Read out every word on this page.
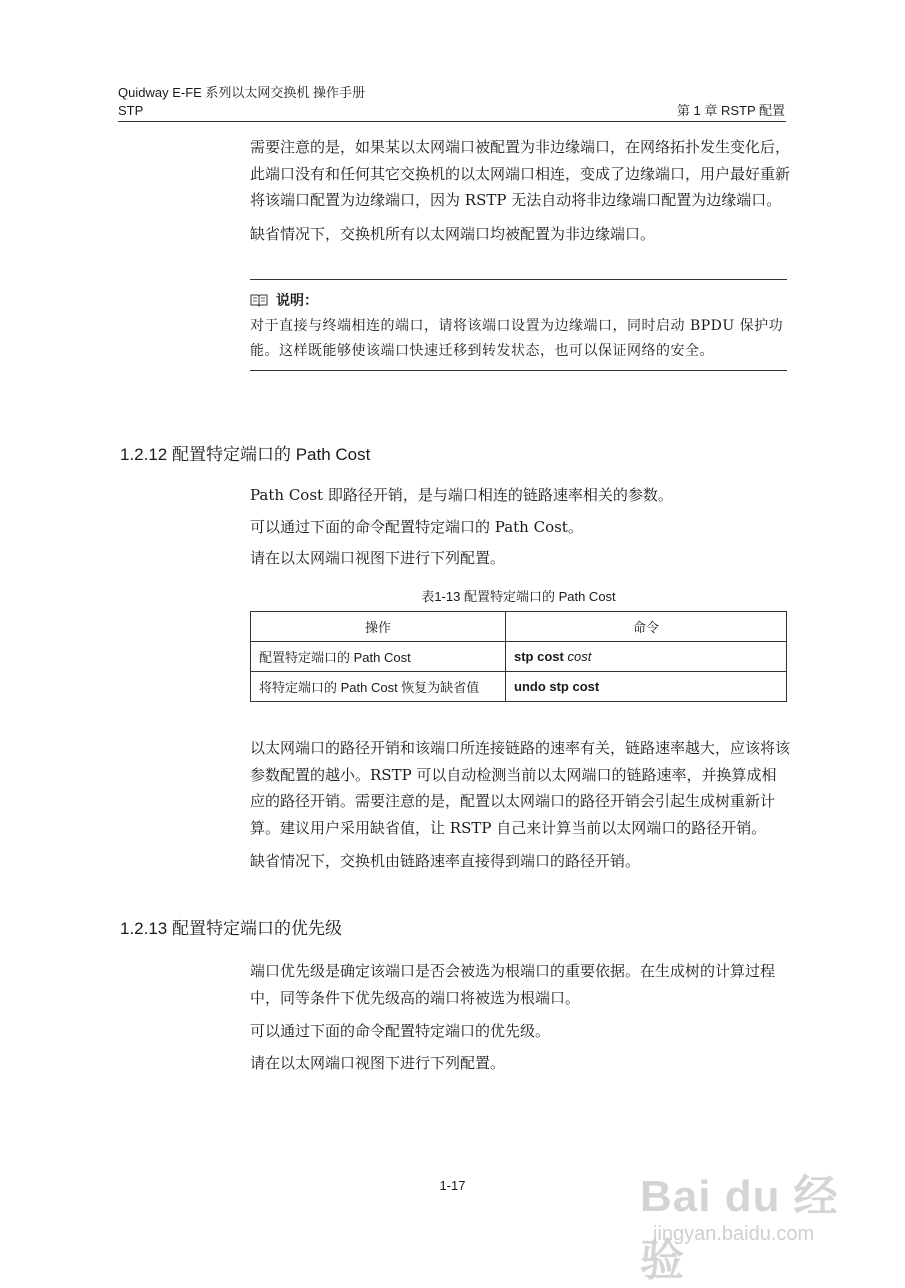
Quidway E-FE 系列以太网交换机 操作手册
STP	第 1 章 RSTP 配置

需要注意的是，如果某以太网端口被配置为非边缘端口，在网络拓扑发生变化后，此端口没有和任何其它交换机的以太网端口相连，变成了边缘端口，用户最好重新将该端口配置为边缘端口，因为 RSTP 无法自动将非边缘端口配置为边缘端口。

缺省情况下，交换机所有以太网端口均被配置为非边缘端口。

说明：
对于直接与终端相连的端口，请将该端口设置为边缘端口，同时启动 BPDU 保护功能。这样既能够使该端口快速迁移到转发状态，也可以保证网络的安全。
1.2.12 配置特定端口的 Path Cost

Path Cost 即路径开销，是与端口相连的链路速率相关的参数。

可以通过下面的命令配置特定端口的 Path Cost。

请在以太网端口视图下进行下列配置。

表1-13 配置特定端口的 Path Cost
操作	命令
配置特定端口的 Path Cost	stp cost cost
将特定端口的 Path Cost 恢复为缺省值	undo stp cost

以太网端口的路径开销和该端口所连接链路的速率有关，链路速率越大，应该将该参数配置的越小。RSTP 可以自动检测当前以太网端口的链路速率，并换算成相应的路径开销。需要注意的是，配置以太网端口的路径开销会引起生成树重新计算。建议用户采用缺省值，让 RSTP 自己来计算当前以太网端口的路径开销。

缺省情况下，交换机由链路速率直接得到端口的路径开销。

1.2.13 配置特定端口的优先级

端口优先级是确定该端口是否会被选为根端口的重要依据。在生成树的计算过程中，同等条件下优先级高的端口将被选为根端口。

可以通过下面的命令配置特定端口的优先级。

请在以太网端口视图下进行下列配置。

1-17	Bai du 经验
jingyan.baidu.com
